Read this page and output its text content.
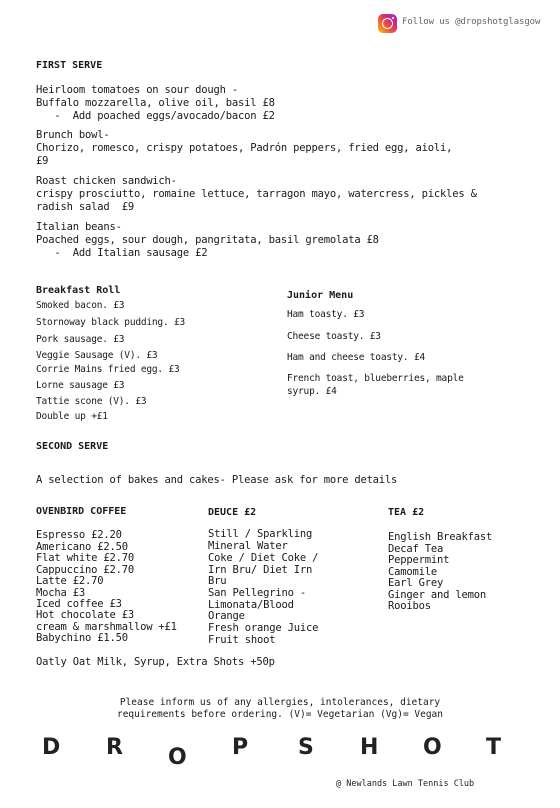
Follow us @dropshotglasgow
FIRST SERVE
Heirloom tomatoes on sour dough -
Buffalo mozzarella, olive oil, basil £8
-  Add poached eggs/avocado/bacon £2
Brunch bowl-
Chorizo, romesco, crispy potatoes, Padrón peppers, fried egg, aioli,
£9
Roast chicken sandwich-
crispy prosciutto, romaine lettuce, tarragon mayo, watercress, pickles &
radish salad  £9
Italian beans-
Poached eggs, sour dough, pangritata, basil gremolata £8
-  Add Italian sausage £2
Breakfast Roll
Smoked bacon. £3
Stornoway black pudding. £3
Pork sausage. £3
Veggie Sausage (V). £3
Corrie Mains fried egg. £3
Lorne sausage £3
Tattie scone (V). £3
Double up +£1
Junior Menu
Ham toasty. £3
Cheese toasty. £3
Ham and cheese toasty. £4
French toast, blueberries, maple
syrup. £4
SECOND SERVE
A selection of bakes and cakes- Please ask for more details
OVENBIRD COFFEE
Espresso £2.20
Americano £2.50
Flat white £2.70
Cappuccino £2.70
Latte £2.70
Mocha £3
Iced coffee £3
Hot chocolate £3
cream & marshmallow +£1
Babychino £1.50
Oatly Oat Milk, Syrup, Extra Shots +50p
DEUCE £2
Still / Sparkling
Mineral Water
Coke / Diet Coke /
Irn Bru/ Diet Irn
Bru
San Pellegrino -
Limonata/Blood
Orange
Fresh orange Juice
Fruit shoot
TEA £2
English Breakfast
Decaf Tea
Peppermint
Camomile
Earl Grey
Ginger and lemon
Rooibos
Please inform us of any allergies, intolerances, dietary
requirements before ordering. (V)= Vegetarian (Vg)= Vegan
D R O P S H O T
@ Newlands Lawn Tennis Club
